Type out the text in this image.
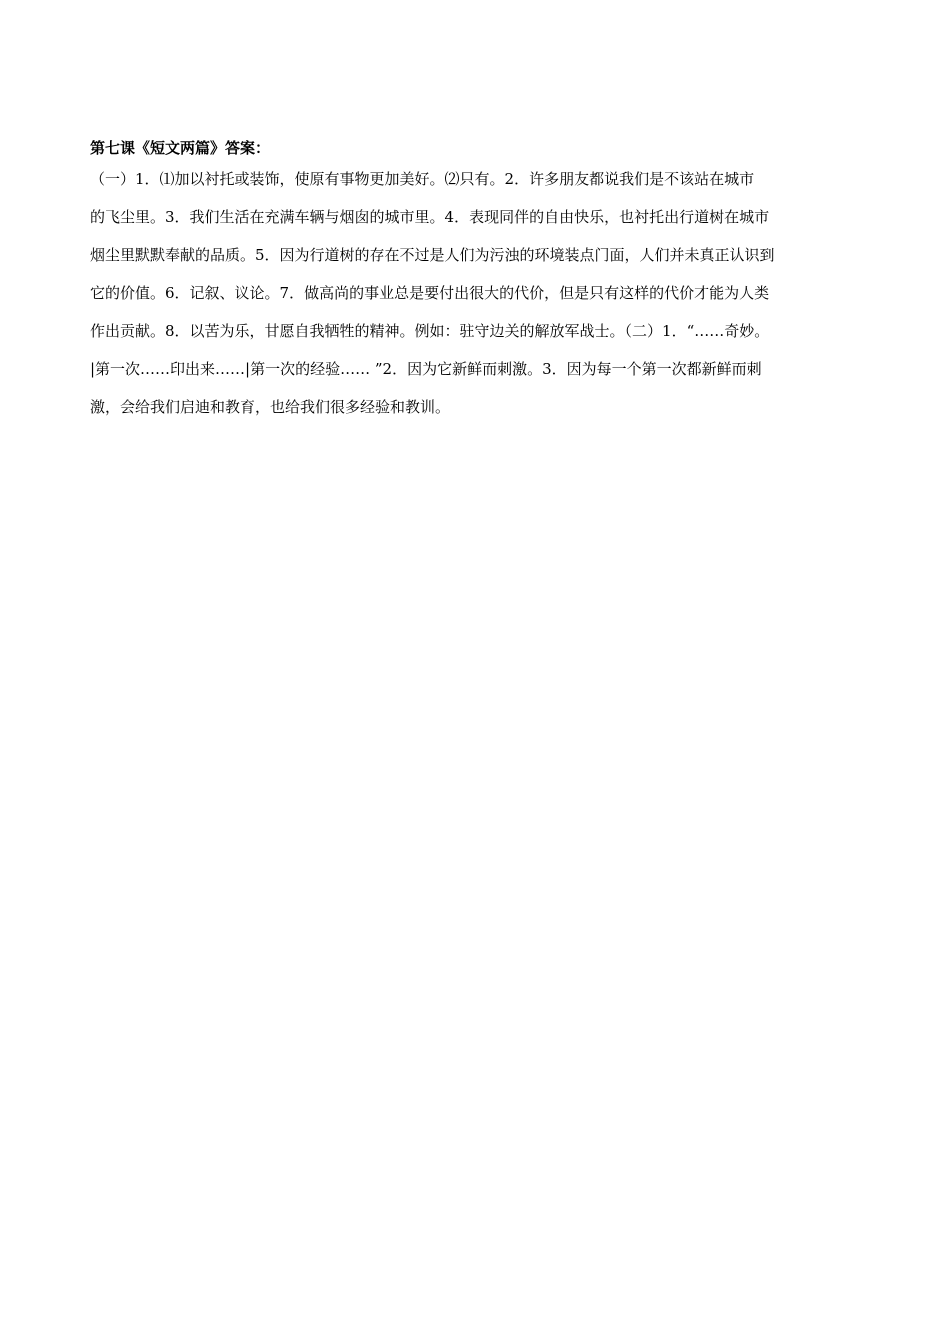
第七课《短文两篇》答案：
（一）1．⑴加以衬托或装饰，使原有事物更加美好。⑵只有。2．许多朋友都说我们是不该站在城市
的飞尘里。3．我们生活在充满车辆与烟囱的城市里。4．表现同伴的自由快乐，也衬托出行道树在城市
烟尘里默默奉献的品质。5．因为行道树的存在不过是人们为污浊的环境装点门面，人们并未真正认识到
它的价值。6．记叙、议论。7．做高尚的事业总是要付出很大的代价，但是只有这样的代价才能为人类
作出贡献。8．以苦为乐，甘愿自我牺牲的精神。例如：驻守边关的解放军战士。（二）1．“……奇妙。
|第一次……印出来……|第一次的经验…… ”2．因为它新鲜而刺激。3．因为每一个第一次都新鲜而刺
激，会给我们启迪和教育，也给我们很多经验和教训。
